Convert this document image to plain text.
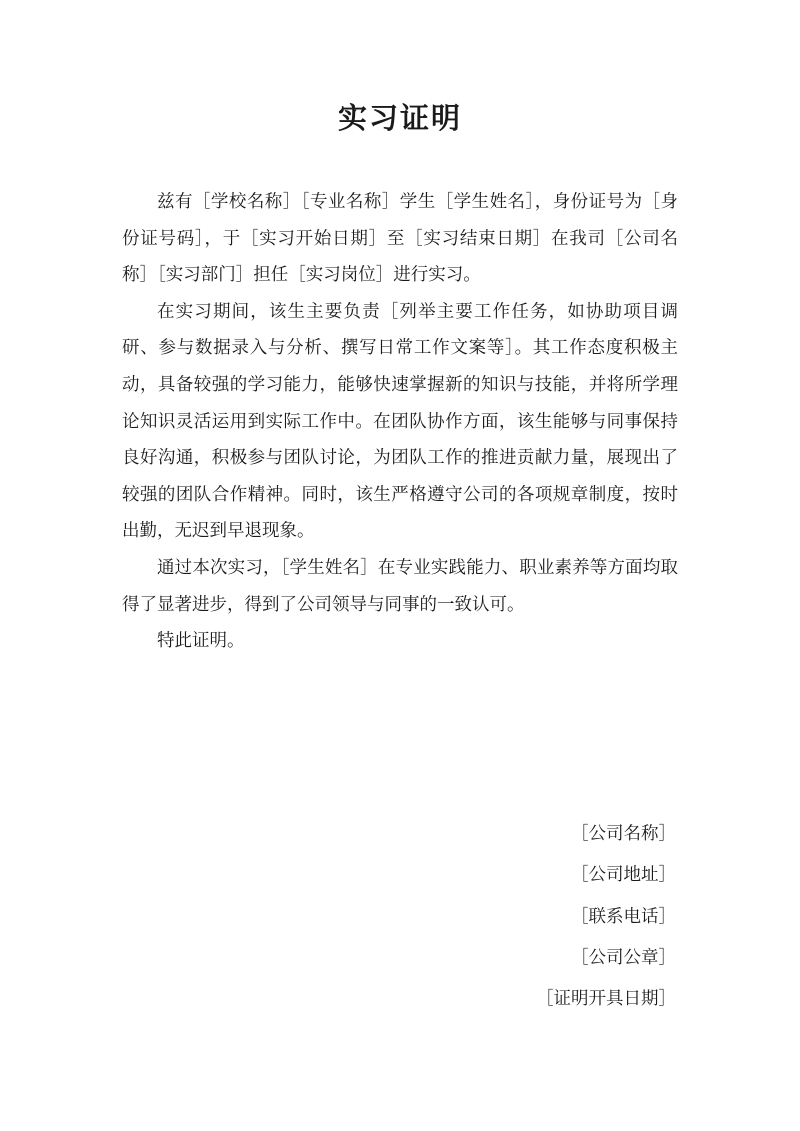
实习证明

兹有［学校名称］［专业名称］学生［学生姓名］，身份证号为［身份证号码］，于［实习开始日期］至［实习结束日期］在我司［公司名称］［实习部门］担任［实习岗位］进行实习。

在实习期间，该生主要负责［列举主要工作任务，如协助项目调研、参与数据录入与分析、撰写日常工作文案等］。其工作态度积极主动，具备较强的学习能力，能够快速掌握新的知识与技能，并将所学理论知识灵活运用到实际工作中。在团队协作方面，该生能够与同事保持良好沟通，积极参与团队讨论，为团队工作的推进贡献力量，展现出了较强的团队合作精神。同时，该生严格遵守公司的各项规章制度，按时出勤，无迟到早退现象。

通过本次实习，［学生姓名］在专业实践能力、职业素养等方面均取得了显著进步，得到了公司领导与同事的一致认可。

特此证明。

［公司名称］
［公司地址］
［联系电话］
［公司公章］
［证明开具日期］
